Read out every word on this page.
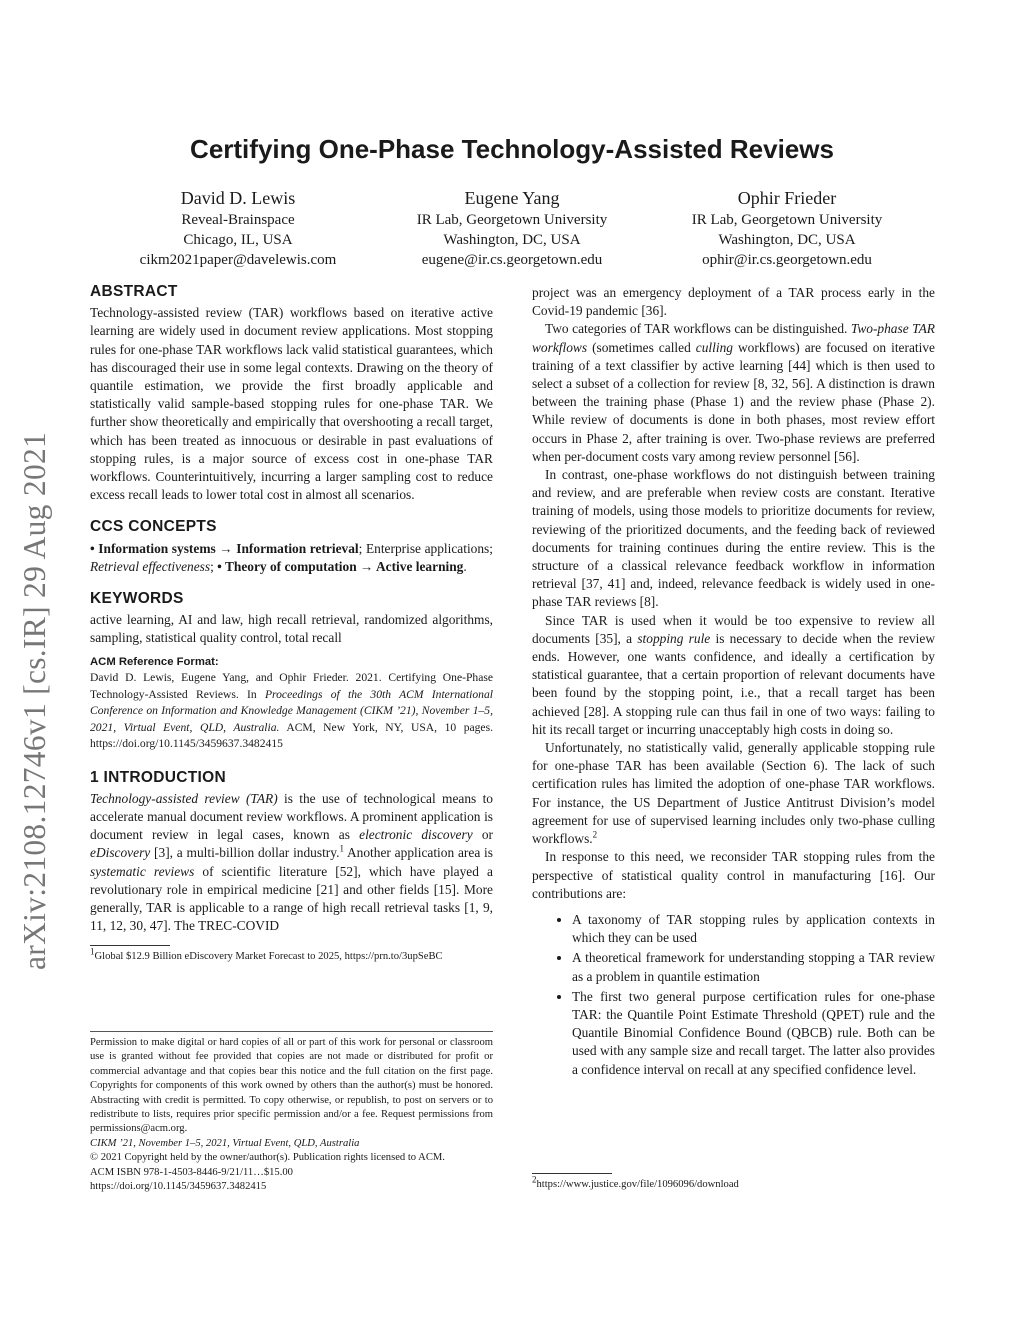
arXiv:2108.12746v1 [cs.IR] 29 Aug 2021
Certifying One-Phase Technology-Assisted Reviews
David D. Lewis
Reveal-Brainspace
Chicago, IL, USA
cikm2021paper@davelewis.com
Eugene Yang
IR Lab, Georgetown University
Washington, DC, USA
eugene@ir.cs.georgetown.edu
Ophir Frieder
IR Lab, Georgetown University
Washington, DC, USA
ophir@ir.cs.georgetown.edu
ABSTRACT

Technology-assisted review (TAR) workflows based on iterative active learning are widely used in document review applications. Most stopping rules for one-phase TAR workflows lack valid statistical guarantees, which has discouraged their use in some legal contexts. Drawing on the theory of quantile estimation, we provide the first broadly applicable and statistically valid sample-based stopping rules for one-phase TAR. We further show theoretically and empirically that overshooting a recall target, which has been treated as innocuous or desirable in past evaluations of stopping rules, is a major source of excess cost in one-phase TAR workflows. Counterintuitively, incurring a larger sampling cost to reduce excess recall leads to lower total cost in almost all scenarios.

CCS CONCEPTS

• Information systems → Information retrieval; Enterprise applications; Retrieval effectiveness; • Theory of computation → Active learning.

KEYWORDS

active learning, AI and law, high recall retrieval, randomized algorithms, sampling, statistical quality control, total recall

ACM Reference Format:
David D. Lewis, Eugene Yang, and Ophir Frieder. 2021. Certifying One-Phase Technology-Assisted Reviews. In Proceedings of the 30th ACM International Conference on Information and Knowledge Management (CIKM ’21), November 1–5, 2021, Virtual Event, QLD, Australia. ACM, New York, NY, USA, 10 pages. https://doi.org/10.1145/3459637.3482415
1 INTRODUCTION

Technology-assisted review (TAR) is the use of technological means to accelerate manual document review workflows. A prominent application is document review in legal cases, known as electronic discovery or eDiscovery [3], a multi-billion dollar industry.$^1$ Another application area is systematic reviews of scientific literature [52], which have played a revolutionary role in empirical medicine [21] and other fields [15]. More generally, TAR is applicable to a range of high recall retrieval tasks [1, 9, 11, 12, 30, 47]. The TREC-COVID

$^1$Global $12.9 Billion eDiscovery Market Forecast to 2025, https://prn.to/3upSeBC
Permission to make digital or hard copies of all or part of this work for personal or classroom use is granted without fee provided that copies are not made or distributed for profit or commercial advantage and that copies bear this notice and the full citation on the first page. Copyrights for components of this work owned by others than the author(s) must be honored. Abstracting with credit is permitted. To copy otherwise, or republish, to post on servers or to redistribute to lists, requires prior specific permission and/or a fee. Request permissions from permissions@acm.org.
CIKM ’21, November 1–5, 2021, Virtual Event, QLD, Australia
© 2021 Copyright held by the owner/author(s). Publication rights licensed to ACM.
ACM ISBN 978-1-4503-8446-9/21/11…$15.00
https://doi.org/10.1145/3459637.3482415

project was an emergency deployment of a TAR process early in the Covid-19 pandemic [36].

Two categories of TAR workflows can be distinguished. Two-phase TAR workflows (sometimes called culling workflows) are focused on iterative training of a text classifier by active learning [44] which is then used to select a subset of a collection for review [8, 32, 56]. A distinction is drawn between the training phase (Phase 1) and the review phase (Phase 2). While review of documents is done in both phases, most review effort occurs in Phase 2, after training is over. Two-phase reviews are preferred when per-document costs vary among review personnel [56].

In contrast, one-phase workflows do not distinguish between training and review, and are preferable when review costs are constant. Iterative training of models, using those models to prioritize documents for review, reviewing of the prioritized documents, and the feeding back of reviewed documents for training continues during the entire review. This is the structure of a classical relevance feedback workflow in information retrieval [37, 41] and, indeed, relevance feedback is widely used in one-phase TAR reviews [8].

Since TAR is used when it would be too expensive to review all documents [35], a stopping rule is necessary to decide when the review ends. However, one wants confidence, and ideally a certification by statistical guarantee, that a certain proportion of relevant documents have been found by the stopping point, i.e., that a recall target has been achieved [28]. A stopping rule can thus fail in one of two ways: failing to hit its recall target or incurring unacceptably high costs in doing so.

Unfortunately, no statistically valid, generally applicable stopping rule for one-phase TAR has been available (Section 6). The lack of such certification rules has limited the adoption of one-phase TAR workflows. For instance, the US Department of Justice Antitrust Division’s model agreement for use of supervised learning includes only two-phase culling workflows.$^2$

In response to this need, we reconsider TAR stopping rules from the perspective of statistical quality control in manufacturing [16]. Our contributions are:

• A taxonomy of TAR stopping rules by application contexts in which they can be used
• A theoretical framework for understanding stopping a TAR review as a problem in quantile estimation
• The first two general purpose certification rules for one-phase TAR: the Quantile Point Estimate Threshold (QPET) rule and the Quantile Binomial Confidence Bound (QBCB) rule. Both can be used with any sample size and recall target. The latter also provides a confidence interval on recall at any specified confidence level.
$^2$https://www.justice.gov/file/1096096/download
